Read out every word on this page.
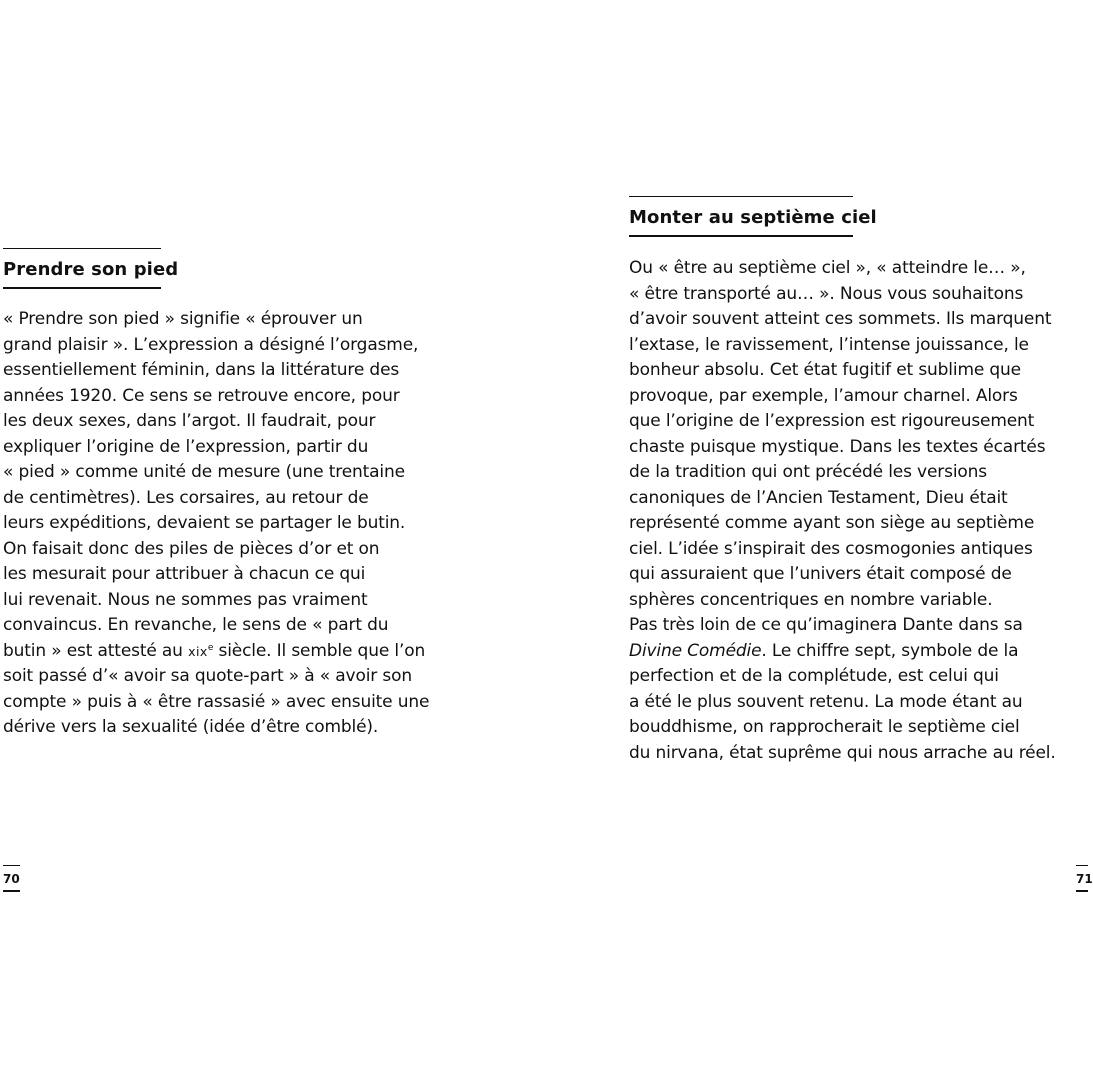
Prendre son pied
« Prendre son pied » signifie « éprouver un
grand plaisir ». L’expression a désigné l’orgasme,
essentiellement féminin, dans la littérature des
années 1920. Ce sens se retrouve encore, pour
les deux sexes, dans l’argot. Il faudrait, pour
expliquer l’origine de l’expression, partir du
« pied » comme unité de mesure (une trentaine
de centimètres). Les corsaires, au retour de
leurs expéditions, devaient se partager le butin.
On faisait donc des piles de pièces d’or et on
les mesurait pour attribuer à chacun ce qui
lui revenait. Nous ne sommes pas vraiment
convaincus. En revanche, le sens de « part du
butin » est attesté au xix$^e$ siècle. Il semble que l’on
soit passé d’« avoir sa quote-part » à « avoir son
compte » puis à « être rassasié » avec ensuite une
dérive vers la sexualité (idée d’être comblé).
70
Monter au septième ciel
Ou « être au septième ciel », « atteindre le… »,
« être transporté au… ». Nous vous souhaitons
d’avoir souvent atteint ces sommets. Ils marquent
l’extase, le ravissement, l’intense jouissance, le
bonheur absolu. Cet état fugitif et sublime que
provoque, par exemple, l’amour charnel. Alors
que l’origine de l’expression est rigoureusement
chaste puisque mystique. Dans les textes écartés
de la tradition qui ont précédé les versions
canoniques de l’Ancien Testament, Dieu était
représenté comme ayant son siège au septième
ciel. L’idée s’inspirait des cosmogonies antiques
qui assuraient que l’univers était composé de
sphères concentriques en nombre variable.
Pas très loin de ce qu’imaginera Dante dans sa
Divine Comédie. Le chiffre sept, symbole de la
perfection et de la complétude, est celui qui
a été le plus souvent retenu. La mode étant au
bouddhisme, on rapprocherait le septième ciel
du nirvana, état suprême qui nous arrache au réel.
71
